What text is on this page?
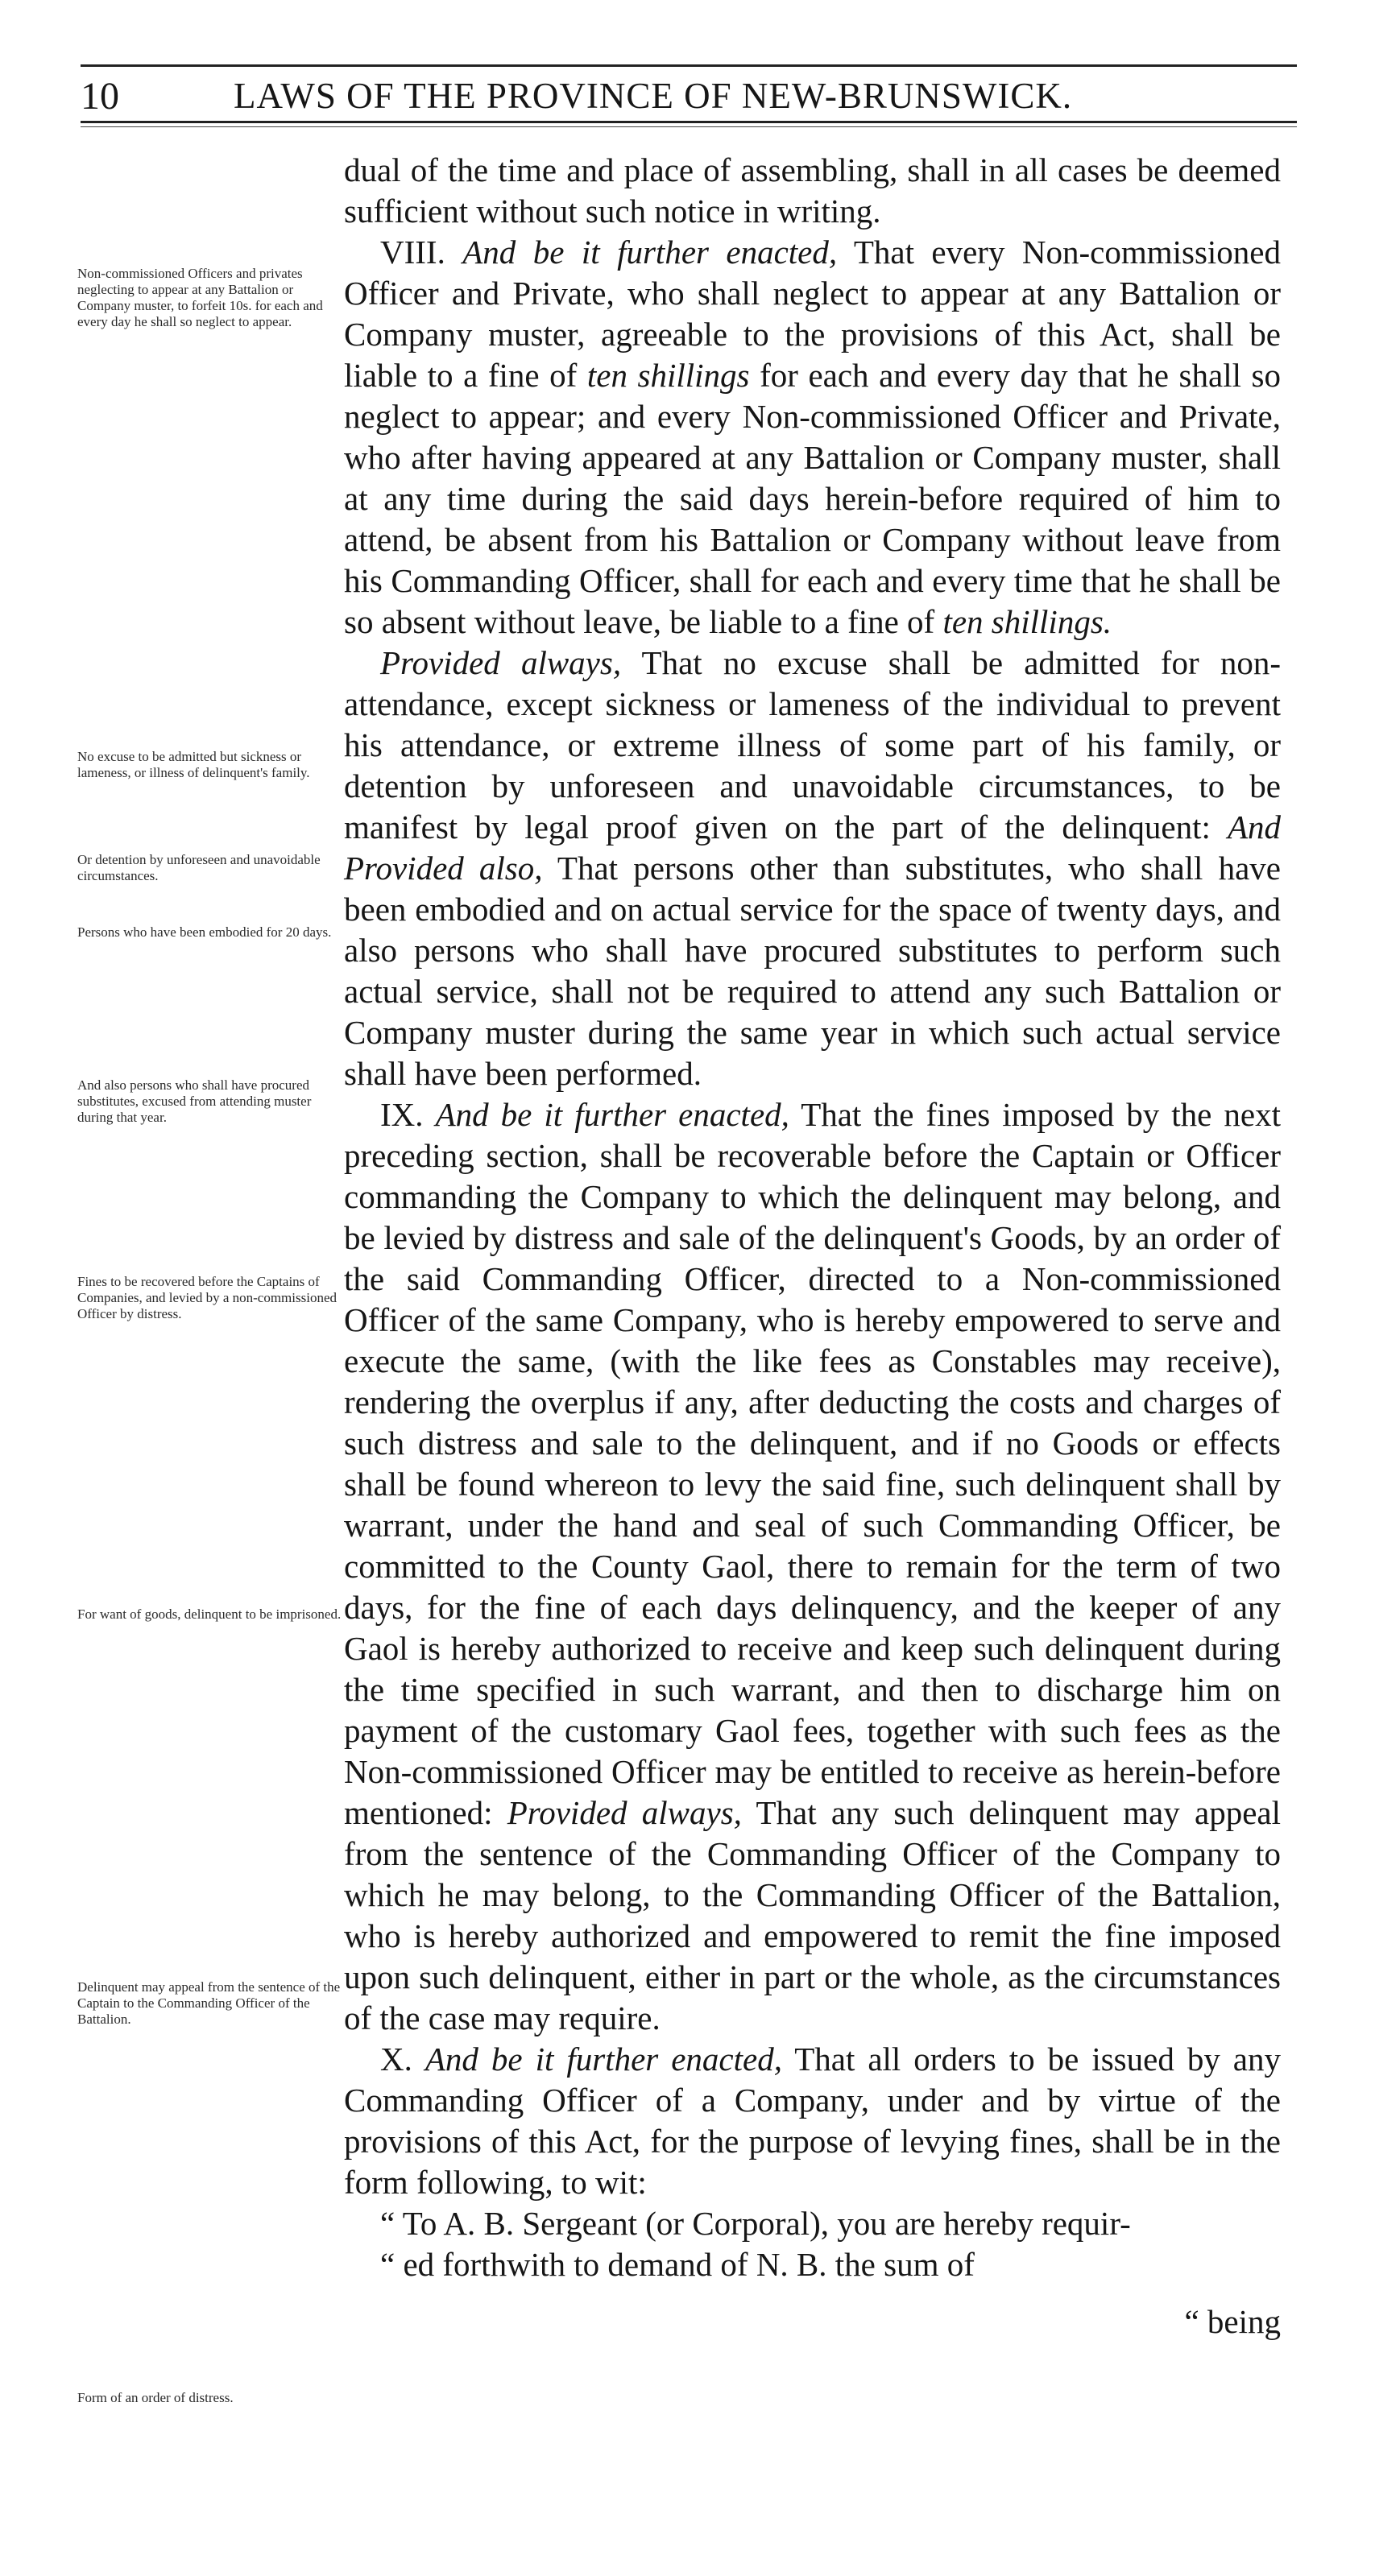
10	LAWS OF THE PROVINCE OF NEW-BRUNSWICK.
Non-commissioned Officers and privates neglecting to appear at any Battalion or Company muster, to forfeit 10s. for each and every day he shall so neglect to appear.
No excuse to be admitted but sickness or lameness, or illness of delinquent's family.
Or detention by unforeseen and unavoidable circumstances.
Persons who have been embodied for 20 days.
And also persons who shall have procured substitutes, excused from attending muster during that year.
Fines to be recovered before the Captains of Companies, and levied by a non-commissioned Officer by distress.
For want of goods, delinquent to be imprisoned.
Delinquent may appeal from the sentence of the Captain to the Commanding Officer of the Battalion.
Form of an order of distress.

dual of the time and place of assembling, shall in all cases be deemed sufficient without such notice in writing.

VIII. And be it further enacted, That every Non-commissioned Officer and Private, who shall neglect to appear at any Battalion or Company muster, agreeable to the provisions of this Act, shall be liable to a fine of ten shillings for each and every day that he shall so neglect to appear; and every Non-commissioned Officer and Private, who after having appeared at any Battalion or Company muster, shall at any time during the said days herein-before required of him to attend, be absent from his Battalion or Company without leave from his Commanding Officer, shall for each and every time that he shall be so absent without leave, be liable to a fine of ten shillings.

Provided always, That no excuse shall be admitted for non-attendance, except sickness or lameness of the individual to prevent his attendance, or extreme illness of some part of his family, or detention by unforeseen and unavoidable circumstances, to be manifest by legal proof given on the part of the delinquent: And Provided also, That persons other than substitutes, who shall have been embodied and on actual service for the space of twenty days, and also persons who shall have procured substitutes to perform such actual service, shall not be required to attend any such Battalion or Company muster during the same year in which such actual service shall have been performed.

IX. And be it further enacted, That the fines imposed by the next preceding section, shall be recoverable before the Captain or Officer commanding the Company to which the delinquent may belong, and be levied by distress and sale of the delinquent's Goods, by an order of the said Commanding Officer, directed to a Non-commissioned Officer of the same Company, who is hereby empowered to serve and execute the same, (with the like fees as Constables may receive), rendering the overplus if any, after deducting the costs and charges of such distress and sale to the delinquent, and if no Goods or effects shall be found whereon to levy the said fine, such delinquent shall by warrant, under the hand and seal of such Commanding Officer, be committed to the County Gaol, there to remain for the term of two days, for the fine of each days delinquency, and the keeper of any Gaol is hereby authorized to receive and keep such delinquent during the time specified in such warrant, and then to discharge him on payment of the customary Gaol fees, together with such fees as the Non-commissioned Officer may be entitled to receive as herein-before mentioned: Provided always, That any such delinquent may appeal from the sentence of the Commanding Officer of the Company to which he may belong, to the Commanding Officer of the Battalion, who is hereby authorized and empowered to remit the fine imposed upon such delinquent, either in part or the whole, as the circumstances of the case may require.

X. And be it further enacted, That all orders to be issued by any Commanding Officer of a Company, under and by virtue of the provisions of this Act, for the purpose of levying fines, shall be in the form following, to wit:

“ To A. B. Sergeant (or Corporal), you are hereby requir-

“ ed forthwith to demand of N. B. the sum of

“ being
